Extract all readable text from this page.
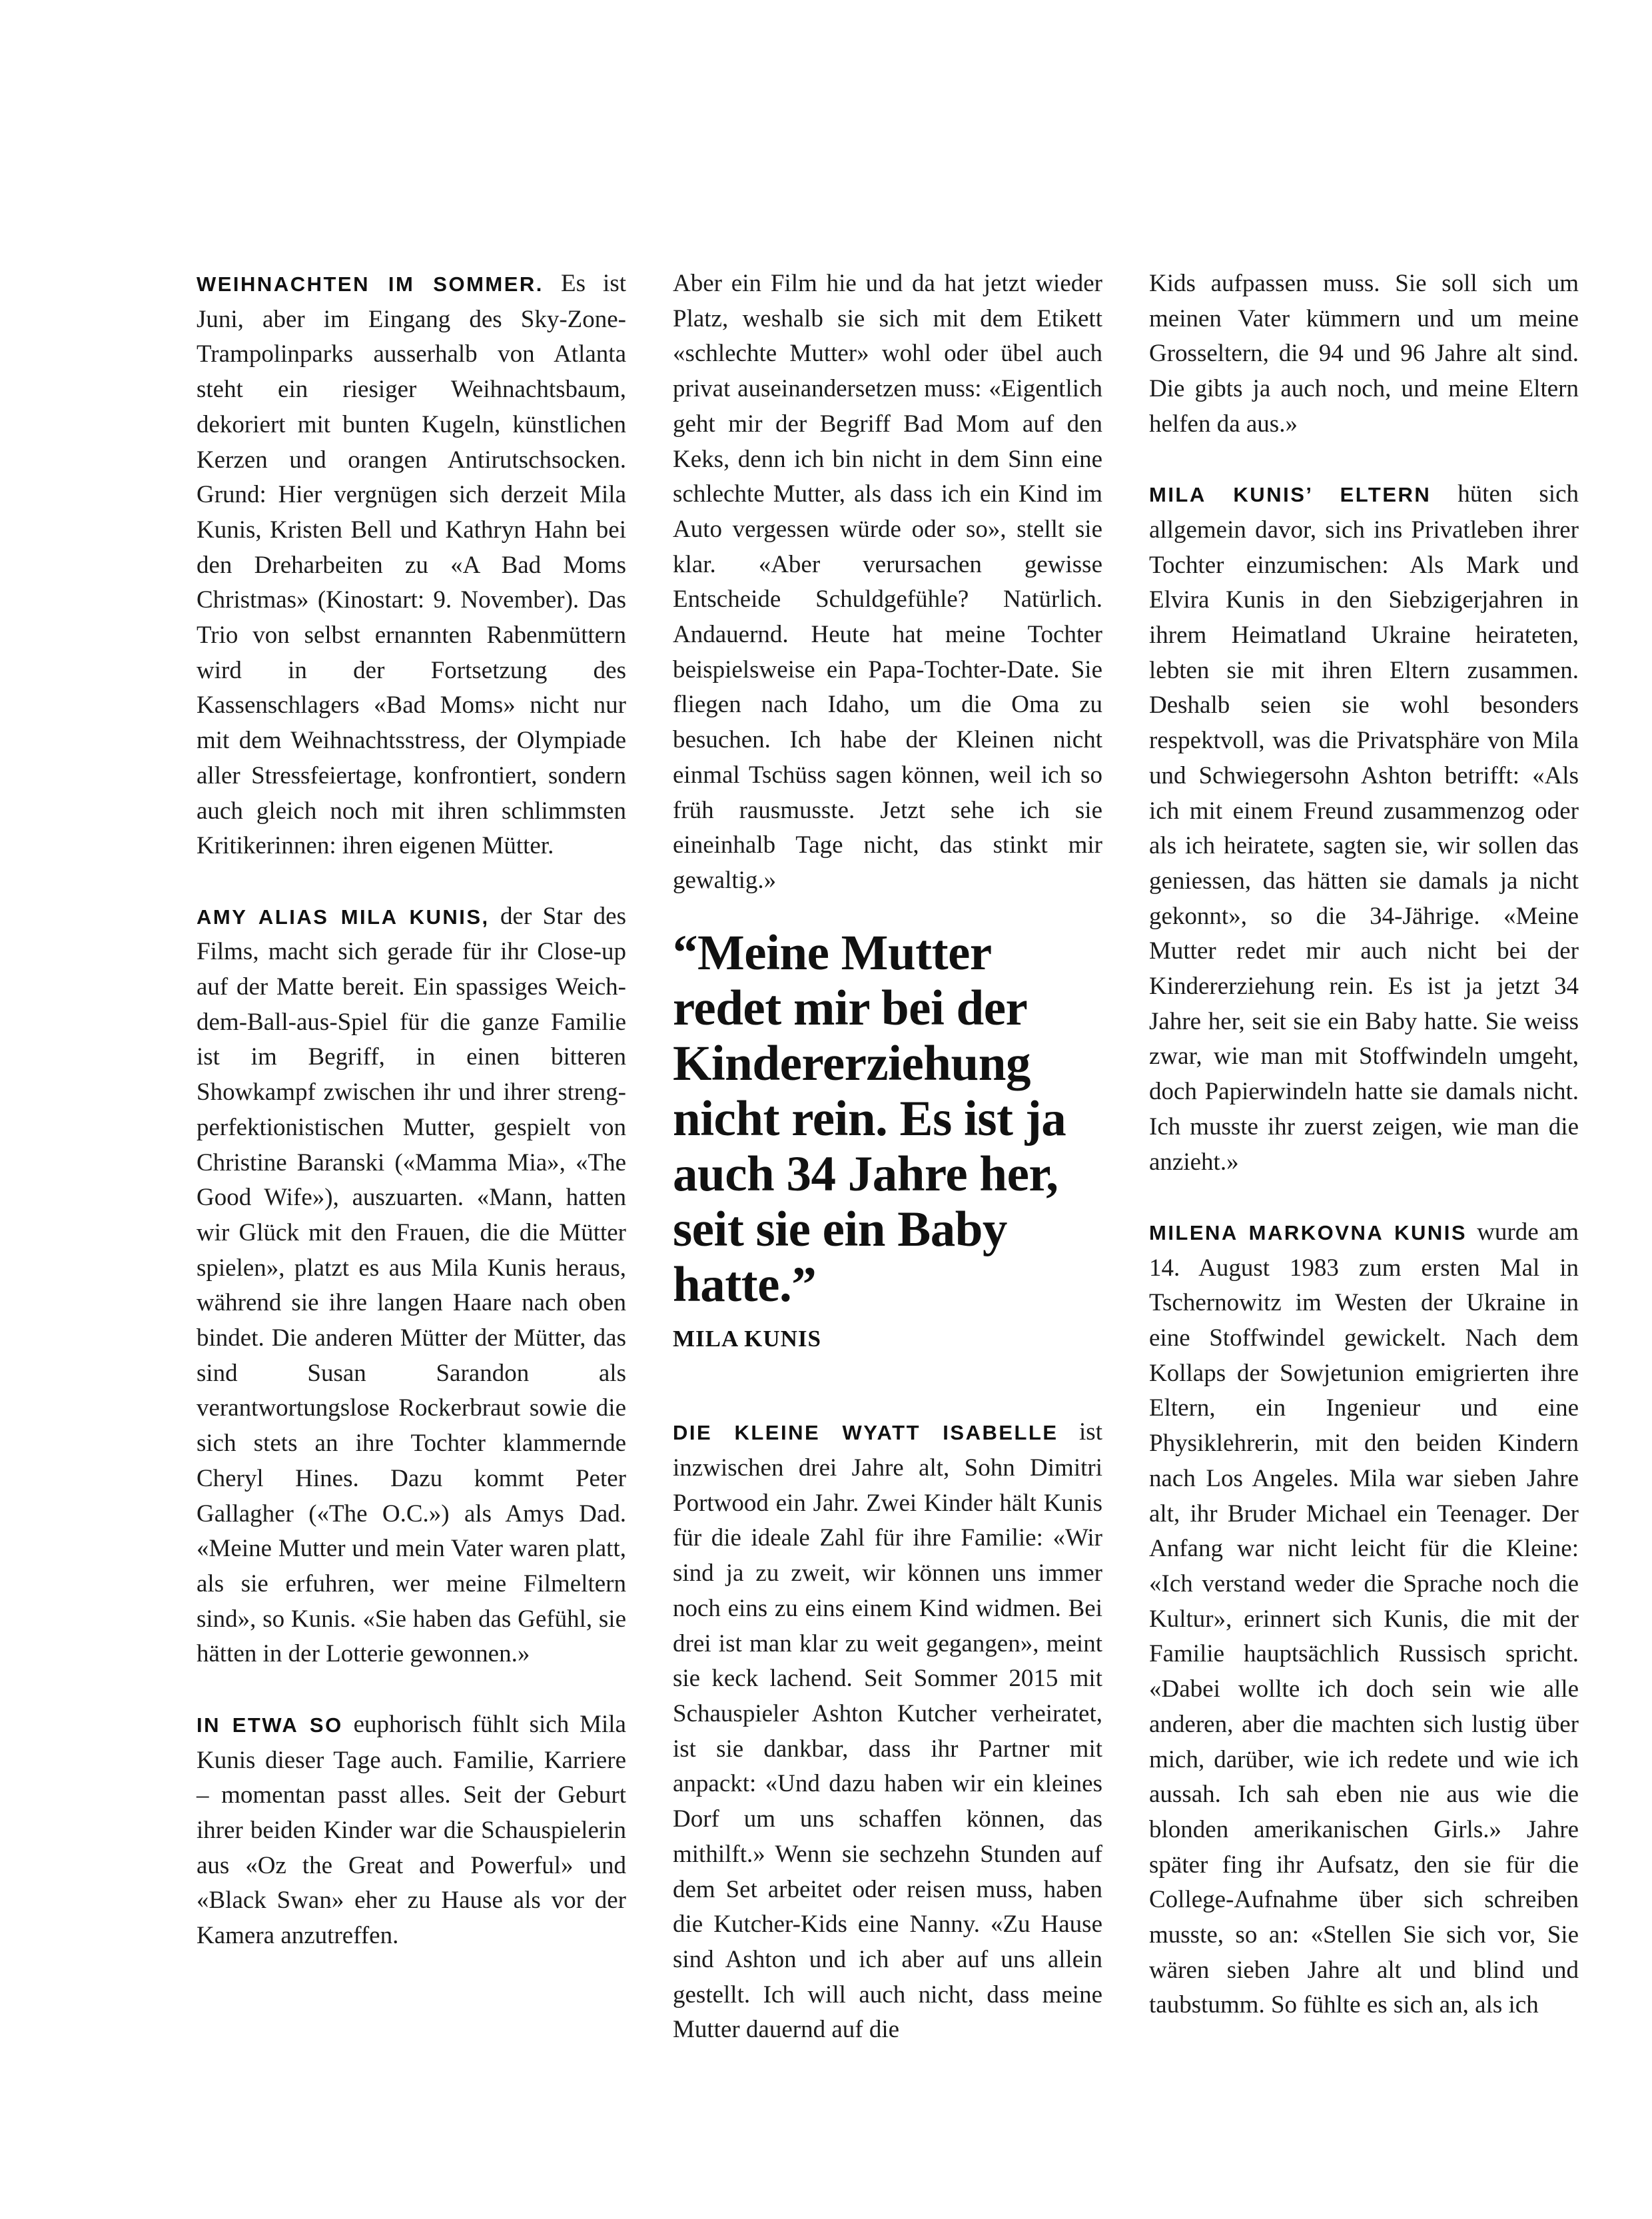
WEIHNACHTEN IM SOMMER. Es ist Juni, aber im Eingang des Sky-Zone-Trampolinparks ausserhalb von Atlanta steht ein riesiger Weihnachtsbaum, dekoriert mit bunten Kugeln, künstlichen Kerzen und orangen Antirutschsocken. Grund: Hier vergnügen sich derzeit Mila Kunis, Kristen Bell und Kathryn Hahn bei den Dreharbeiten zu «A Bad Moms Christmas» (Kinostart: 9. November). Das Trio von selbst ernannten Rabenmüttern wird in der Fortsetzung des Kassenschlagers «Bad Moms» nicht nur mit dem Weihnachtsstress, der Olympiade aller Stressfeiertage, konfrontiert, sondern auch gleich noch mit ihren schlimmsten Kritikerinnen: ihren eigenen Mütter.

AMY ALIAS MILA KUNIS, der Star des Films, macht sich gerade für ihr Close-up auf der Matte bereit. Ein spassiges Weich-dem-Ball-aus-Spiel für die ganze Familie ist im Begriff, in einen bitteren Showkampf zwischen ihr und ihrer streng-perfektionistischen Mutter, gespielt von Christine Baranski («Mamma Mia», «The Good Wife»), auszuarten. «Mann, hatten wir Glück mit den Frauen, die die Mütter spielen», platzt es aus Mila Kunis heraus, während sie ihre langen Haare nach oben bindet. Die anderen Mütter der Mütter, das sind Susan Sarandon als verantwortungslose Rockerbraut sowie die sich stets an ihre Tochter klammernde Cheryl Hines. Dazu kommt Peter Gallagher («The O.C.») als Amys Dad. «Meine Mutter und mein Vater waren platt, als sie erfuhren, wer meine Filmeltern sind», so Kunis. «Sie haben das Gefühl, sie hätten in der Lotterie gewonnen.»

IN ETWA SO euphorisch fühlt sich Mila Kunis dieser Tage auch. Familie, Karriere – momentan passt alles. Seit der Geburt ihrer beiden Kinder war die Schauspielerin aus «Oz the Great and Powerful» und «Black Swan» eher zu Hause als vor der Kamera anzutreffen.

Aber ein Film hie und da hat jetzt wieder Platz, weshalb sie sich mit dem Etikett «schlechte Mutter» wohl oder übel auch privat auseinandersetzen muss: «Eigentlich geht mir der Begriff Bad Mom auf den Keks, denn ich bin nicht in dem Sinn eine schlechte Mutter, als dass ich ein Kind im Auto vergessen würde oder so», stellt sie klar. «Aber verursachen gewisse Entscheide Schuldgefühle? Natürlich. Andauernd. Heute hat meine Tochter beispielsweise ein Papa-Tochter-Date. Sie fliegen nach Idaho, um die Oma zu besuchen. Ich habe der Kleinen nicht einmal Tschüss sagen können, weil ich so früh rausmusste. Jetzt sehe ich sie eineinhalb Tage nicht, das stinkt mir gewaltig.»

“Meine Mutter redet mir bei der Kindererziehung nicht rein. Es ist ja auch 34 Jahre her, seit sie ein Baby hatte.”
MILA KUNIS

DIE KLEINE WYATT ISABELLE ist inzwischen drei Jahre alt, Sohn Dimitri Portwood ein Jahr. Zwei Kinder hält Kunis für die ideale Zahl für ihre Familie: «Wir sind ja zu zweit, wir können uns immer noch eins zu eins einem Kind widmen. Bei drei ist man klar zu weit gegangen», meint sie keck lachend. Seit Sommer 2015 mit Schauspieler Ashton Kutcher verheiratet, ist sie dankbar, dass ihr Partner mit anpackt: «Und dazu haben wir ein kleines Dorf um uns schaffen können, das mithilft.» Wenn sie sechzehn Stunden auf dem Set arbeitet oder reisen muss, haben die Kutcher-Kids eine Nanny. «Zu Hause sind Ashton und ich aber auf uns allein gestellt. Ich will auch nicht, dass meine Mutter dauernd auf die

Kids aufpassen muss. Sie soll sich um meinen Vater kümmern und um meine Grosseltern, die 94 und 96 Jahre alt sind. Die gibts ja auch noch, und meine Eltern helfen da aus.»

MILA KUNIS’ ELTERN hüten sich allgemein davor, sich ins Privatleben ihrer Tochter einzumischen: Als Mark und Elvira Kunis in den Siebzigerjahren in ihrem Heimatland Ukraine heirateten, lebten sie mit ihren Eltern zusammen. Deshalb seien sie wohl besonders respektvoll, was die Privatsphäre von Mila und Schwiegersohn Ashton betrifft: «Als ich mit einem Freund zusammenzog oder als ich heiratete, sagten sie, wir sollen das geniessen, das hätten sie damals ja nicht gekonnt», so die 34-Jährige. «Meine Mutter redet mir auch nicht bei der Kindererziehung rein. Es ist ja jetzt 34 Jahre her, seit sie ein Baby hatte. Sie weiss zwar, wie man mit Stoffwindeln umgeht, doch Papierwindeln hatte sie damals nicht. Ich musste ihr zuerst zeigen, wie man die anzieht.»

MILENA MARKOVNA KUNIS wurde am 14. August 1983 zum ersten Mal in Tschernowitz im Westen der Ukraine in eine Stoffwindel gewickelt. Nach dem Kollaps der Sowjetunion emigrierten ihre Eltern, ein Ingenieur und eine Physiklehrerin, mit den beiden Kindern nach Los Angeles. Mila war sieben Jahre alt, ihr Bruder Michael ein Teenager. Der Anfang war nicht leicht für die Kleine: «Ich verstand weder die Sprache noch die Kultur», erinnert sich Kunis, die mit der Familie hauptsächlich Russisch spricht. «Dabei wollte ich doch sein wie alle anderen, aber die machten sich lustig über mich, darüber, wie ich redete und wie ich aussah. Ich sah eben nie aus wie die blonden amerikanischen Girls.» Jahre später fing ihr Aufsatz, den sie für die College-Aufnahme über sich schreiben musste, so an: «Stellen Sie sich vor, Sie wären sieben Jahre alt und blind und taubstumm. So fühlte es sich an, als ich
